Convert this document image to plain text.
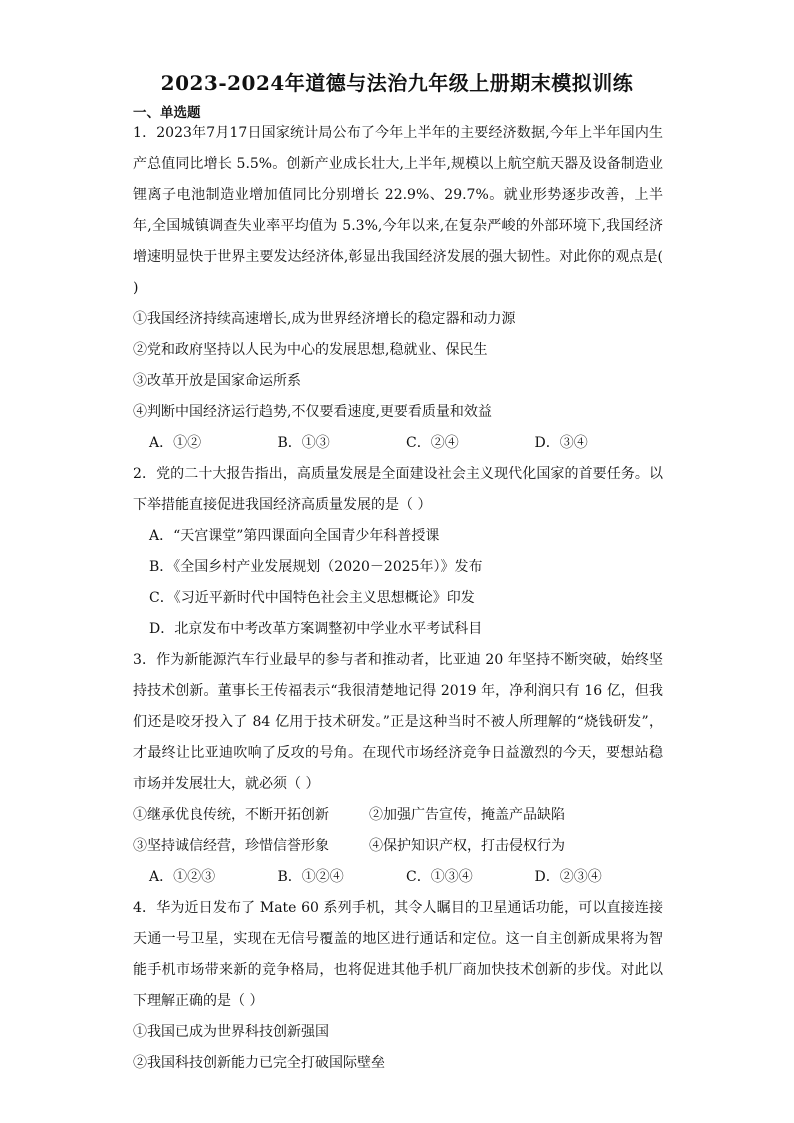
2023-2024年道德与法治九年级上册期末模拟训练
一、单选题

1．2023年7月17日国家统计局公布了今年上半年的主要经济数据,今年上半年国内生产总值同比增长 5.5%。创新产业成长壮大,上半年,规模以上航空航天器及设备制造业锂离子电池制造业增加值同比分别增长 22.9%、29.7%。就业形势逐步改善，上半年,全国城镇调查失业率平均值为 5.3%,今年以来,在复杂严峻的外部环境下,我国经济增速明显快于世界主要发达经济体,彰显出我国经济发展的强大韧性。对此你的观点是( )

①我国经济持续高速增长,成为世界经济增长的稳定器和动力源

②党和政府坚持以人民为中心的发展思想,稳就业、保民生

③改革开放是国家命运所系

④判断中国经济运行趋势,不仅要看速度,更要看质量和效益

A．①②	B．①③	C．②④	D．③④

2．党的二十大报告指出，高质量发展是全面建设社会主义现代化国家的首要任务。以下举措能直接促进我国经济高质量发展的是（ ）

A．“天宫课堂”第四课面向全国青少年科普授课

B．《全国乡村产业发展规划（2020－2025年）》发布

C．《习近平新时代中国特色社会主义思想概论》印发

D．北京发布中考改革方案调整初中学业水平考试科目

3．作为新能源汽车行业最早的参与者和推动者，比亚迪 20 年坚持不断突破，始终坚持技术创新。董事长王传福表示“我很清楚地记得 2019 年，净利润只有 16 亿，但我们还是咬牙投入了 84 亿用于技术研发。”正是这种当时不被人所理解的“烧钱研发”，才最终让比亚迪吹响了反攻的号角。在现代市场经济竞争日益激烈的今天，要想站稳市场并发展壮大，就必须（ ）

①继承优良传统，不断开拓创新	②加强广告宣传，掩盖产品缺陷
③坚持诚信经营，珍惜信誉形象	④保护知识产权，打击侵权行为
A．①②③	B．①②④	C．①③④	D．②③④

4．华为近日发布了 Mate 60 系列手机，其令人瞩目的卫星通话功能，可以直接连接天通一号卫星，实现在无信号覆盖的地区进行通话和定位。这一自主创新成果将为智能手机市场带来新的竞争格局，也将促进其他手机厂商加快技术创新的步伐。对此以下理解正确的是（ ）

①我国已成为世界科技创新强国

②我国科技创新能力已完全打破国际壁垒
